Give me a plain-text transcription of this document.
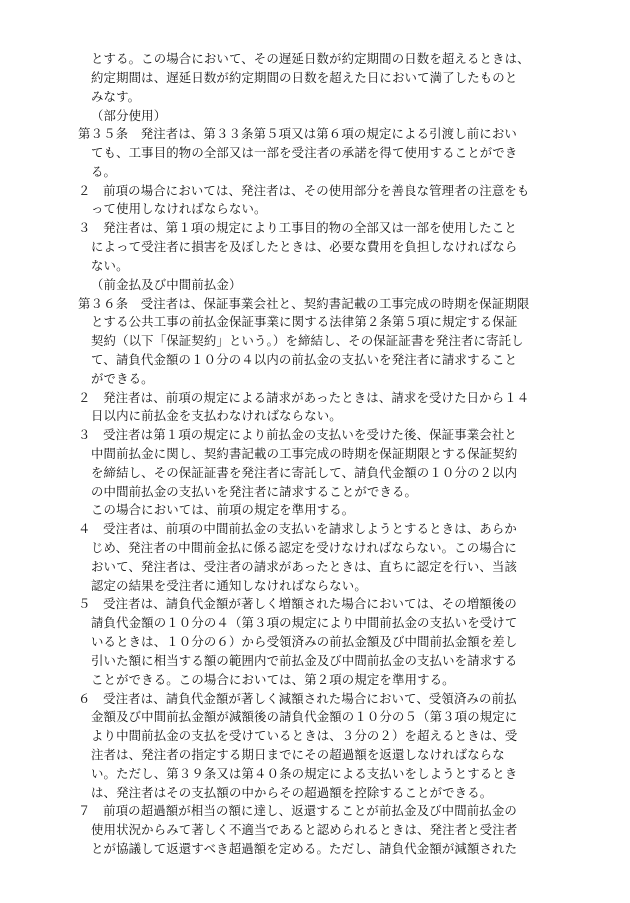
とする。この場合において、その遅延日数が約定期間の日数を超えるときは、
約定期間は、遅延日数が約定期間の日数を超えた日において満了したものと
みなす。
（部分使用）
第３５条　発注者は、第３３条第５項又は第６項の規定による引渡し前におい
ても、工事目的物の全部又は一部を受注者の承諾を得て使用することができ
る。
２　前項の場合においては、発注者は、その使用部分を善良な管理者の注意をも
って使用しなければならない。
３　発注者は、第１項の規定により工事目的物の全部又は一部を使用したこと
によって受注者に損害を及ぼしたときは、必要な費用を負担しなければなら
ない。
（前金払及び中間前払金）
第３６条　受注者は、保証事業会社と、契約書記載の工事完成の時期を保証期限
とする公共工事の前払金保証事業に関する法律第２条第５項に規定する保証
契約（以下「保証契約」という。）を締結し、その保証証書を発注者に寄託し
て、請負代金額の１０分の４以内の前払金の支払いを発注者に請求すること
ができる。
２　発注者は、前項の規定による請求があったときは、請求を受けた日から１４
日以内に前払金を支払わなければならない。
３　受注者は第１項の規定により前払金の支払いを受けた後、保証事業会社と
中間前払金に関し、契約書記載の工事完成の時期を保証期限とする保証契約
を締結し、その保証証書を発注者に寄託して、請負代金額の１０分の２以内
の中間前払金の支払いを発注者に請求することができる。
この場合においては、前項の規定を準用する。
４　受注者は、前項の中間前払金の支払いを請求しようとするときは、あらか
じめ、発注者の中間前金払に係る認定を受けなければならない。この場合に
おいて、発注者は、受注者の請求があったときは、直ちに認定を行い、当該
認定の結果を受注者に通知しなければならない。
５　受注者は、請負代金額が著しく増額された場合においては、その増額後の
請負代金額の１０分の４（第３項の規定により中間前払金の支払いを受けて
いるときは、１０分の６）から受領済みの前払金額及び中間前払金額を差し
引いた額に相当する額の範囲内で前払金及び中間前払金の支払いを請求する
ことができる。この場合においては、第２項の規定を準用する。
６　受注者は、請負代金額が著しく減額された場合において、受領済みの前払
金額及び中間前払金額が減額後の請負代金額の１０分の５（第３項の規定に
より中間前払金の支払を受けているときは、３分の２）を超えるときは、受
注者は、発注者の指定する期日までにその超過額を返還しなければならな
い。ただし、第３９条又は第４０条の規定による支払いをしようとするとき
は、発注者はその支払額の中からその超過額を控除することができる。
７　前項の超過額が相当の額に達し、返還することが前払金及び中間前払金の
使用状況からみて著しく不適当であると認められるときは、発注者と受注者
とが協議して返還すべき超過額を定める。ただし、請負代金額が減額された
